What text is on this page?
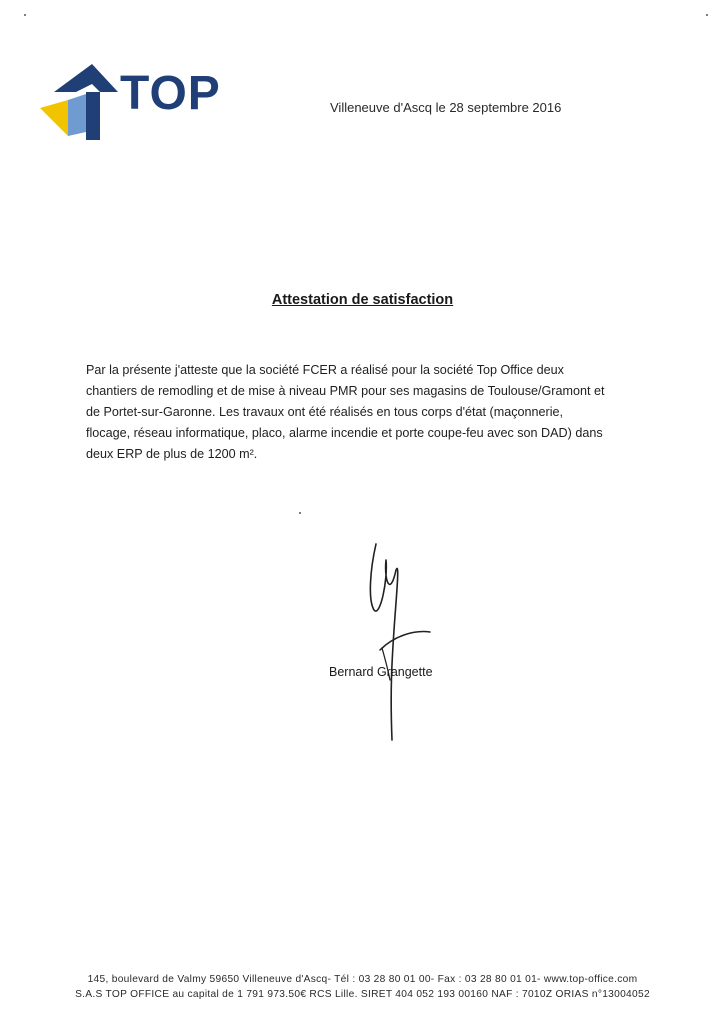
TOP	Villeneuve d'Ascq le 28 septembre 2016
Attestation de satisfaction
Par la présente j'atteste que la société FCER a réalisé pour la société Top Office deux
chantiers de remodling et de mise à niveau PMR pour ses magasins de Toulouse/Gramont et
de Portet-sur-Garonne. Les travaux ont été réalisés en tous corps d'état (maçonnerie,
flocage, réseau informatique, placo, alarme incendie et porte coupe-feu avec son DAD) dans
deux ERP de plus de 1200 m².
Bernard Grangette
145, boulevard de Valmy 59650 Villeneuve d'Ascq- Tél : 03 28 80 01 00- Fax : 03 28 80 01 01- www.top-office.com
S.A.S TOP OFFICE au capital de 1 791 973.50€ RCS Lille. SIRET 404 052 193 00160 NAF : 7010Z ORIAS n°13004052
